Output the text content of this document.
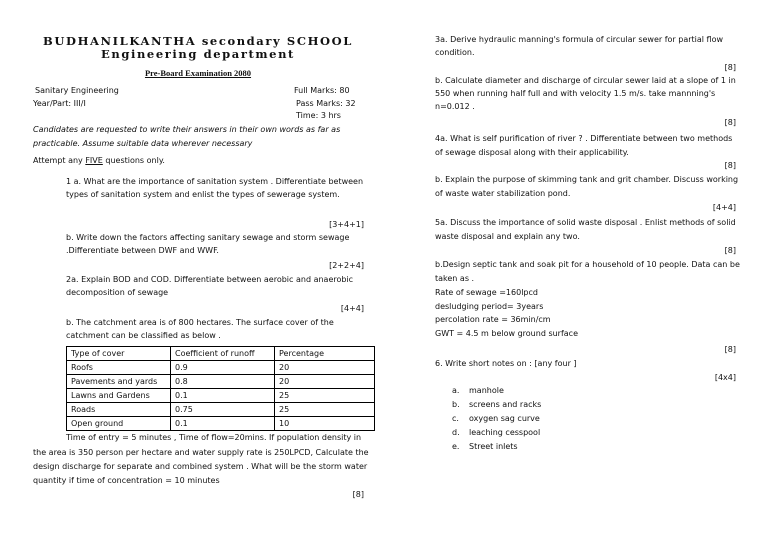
BUDHANILKANTHA secondary SCHOOL
Engineering department
Pre-Board Examination 2080
Sanitary Engineering
Year/Part: III/I
Full Marks: 80
Pass Marks: 32
Time: 3 hrs
Candidates are requested to write their answers in their own words as far as practicable. Assume suitable data wherever necessary
Attempt any FIVE questions only.
1 a. What are the importance of sanitation system . Differentiate between types of sanitation system and enlist the types of sewerage system.
[3+4+1]
b. Write down the factors affecting sanitary sewage and storm sewage .Differentiate between DWF and WWF.
[2+2+4]
2a. Explain BOD and COD. Differentiate between aerobic and anaerobic decomposition of sewage
[4+4]
b. The catchment area is of 800 hectares. The surface cover of the catchment can be classified as below .
Type of cover	Coefficient of runoff	Percentage
Roofs	0.9	20
Pavements and yards	0.8	20
Lawns and Gardens	0.1	25
Roads	0.75	25
Open ground	0.1	10
Time of entry = 5 minutes , Time of flow=20mins. If population density in
the area is 350 person per hectare and water supply rate is 250LPCD, Calculate the design discharge for separate and combined system . What will be the storm water quantity if time of concentration = 10 minutes
[8]
3a. Derive hydraulic manning's formula of circular sewer for partial flow condition.
[8]
b. Calculate diameter and discharge of circular sewer laid at a slope of 1 in 550 when running half full and with velocity 1.5 m/s. take mannning's n=0.012 .
[8]
4a. What is self purification of river ? . Differentiate between two methods of sewage disposal along with their applicability.
[8]
b. Explain the purpose of skimming tank and grit chamber. Discuss working of waste water stabilization pond.
[4+4]
5a. Discuss the importance of solid waste disposal . Enlist methods of solid waste disposal and explain any two.
[8]
b.Design septic tank and soak pit for a household of 10 people. Data can be taken as .
Rate of sewage =160lpcd
desludging period= 3years
percolation rate = 36min/cm
GWT = 4.5 m below ground surface
[8]
6. Write short notes on : [any four ]
[4x4]
a. manhole
b. screens and racks
c. oxygen sag curve
d. leaching cesspool
e. Street inlets
